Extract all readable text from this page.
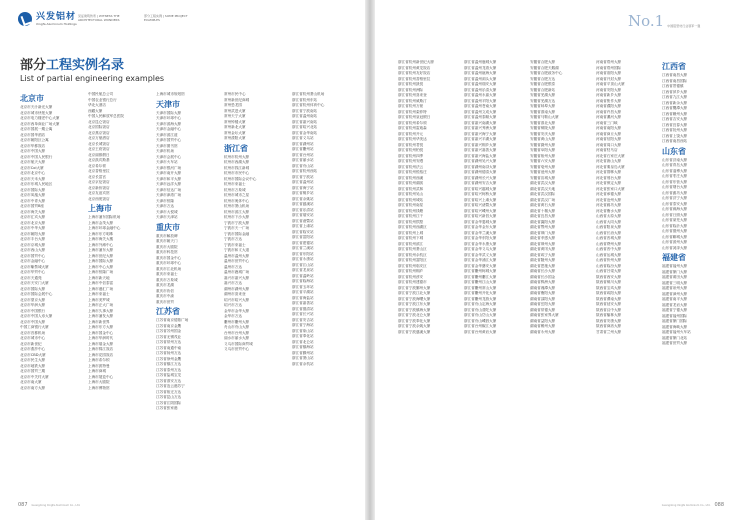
兴发铝材
Xingfa Aluminium Holdings
见证建筑传奇 | WITNESS THE ARCHITECTURAL WONDERS
部分工程实例 | SOME PROJECT EXAMPLES
部分工程实例名录
List of partial engineering examples
北京市
北京市天汁新光大厦
北京市城市快报大厦
北京市电力楼老中心大厦
北京市西单商业广场大厦
北京市国展一期公寓
北京市国华酒店
北京市朝阳区公寓
北京市华都饭店
北京市中国大厦
北京市中国人民银行
北京市航天大厦
北京市Col大厦
北京市北京中心
北京市天禾大厦
北京市东城人民地区
北京市国际大厦
北京市凤凰大厦
北京市中青大厦
北京市国贸B座
北京市海关大厦
北京市汇宾大厦
北京市北京大厦
北京市中华大厦
北京市朝阳大厦
北京市丰台大厦
北京市京城大厦
北京市西山大厦
北京市国贸中心
北京市金融中心
北京市紫禁城大厦
北京市华贸中心
北京市天通苑
北京市天安门大厦
北京市国际大厦
北京市国际会展中心
北京市望京大厦
北京市华润大厦
北京市中国银行
北京市中国人寿大厦
北京市中国大厦
中国工商银行大厦
北京市首都机场
北京市城市中心
北京市新世纪
北京市燕莎中心
北京市CBD大厦
北京市民生大厦
北京市地铁大厦
北京市国贸三期
北京市中关村大厦
北京市南大厦
北京市南方大厦
中国民航总公司
中国农业银行总行
华北大酒店
西藏大厦
中国人民解放军总医院
北京昆仑饭店
北京国际饭店
北京燕京饭店
北京万豪酒店
北京长城饭店
北京王府饭店
北京丽都假日
北京凯宾斯基
北京希尔顿
北京香格里拉
北京长富宫
北京京伦饭店
北京新侨饭店
北京友谊宾馆
北京西苑饭店
上海市
上海市浦东国际机场
上海市金茂大厦
上海市环球金融中心
上海市东方明珠
上海市海关大楼
上海市外滩中心
上海市浦东大厦
上海市世纪大厦
上海市国际大厦
上海市中心大厦
上海市恒隆广场
上海市新天地
上海市中信泰富
上海市港汇广场
上海市来福士
上海市美罗城
上海市正大广场
上海市久事大厦
上海市浦发大厦
上海市新世界
上海市东方大厦
上海市国金中心
上海市华润时代
上海市瑞金大厦
上海市锦江饭店
上海市花园饭店
上海市希尔顿
上海市波特曼
上海市商城
上海市展览中心
上海市大剧院
上海市博物馆
上海市城市规划馆
天津市
天津市国际大厦
天津市环球中心
天津市滨海大厦
天津市金融中心
天津市滨江道
天津市国贸中心
天津市图书馆
天津市机场
天津市会展中心
天津市火车站
天津市银河广场
天津市南开大厦
天津市和平大厦
天津市远洋大厦
天津市信达广场
天津市津湾广场
天津市恒隆
天津市万达
天津市大悦城
天津市天津站
重庆市
重庆市解放碑
重庆市朝天门
重庆市大剧院
重庆市科技馆
重庆市国金中心
重庆市环球中心
重庆市江北机场
重庆市来福士
重庆市万象城
重庆市龙湖
重庆市协信
重庆市中渝
重庆市世贸
江苏省
江苏省南京德基广场
江苏省南京金鹰
江苏省苏州国金
江苏省无锡茂业
江苏省常州万达
江苏省南通中南
江苏省扬州万达
江苏省徐州金鹰
江苏省镇江万达
江苏省泰州万达
江苏省盐城宝龙
江苏省淮安万达
江苏省连云港苏宁
江苏省宿迁万达
江苏省昆山万达
江苏省江阴国际
江苏省张家港
常州市民中心
常州新世纪商城
常州恐龙园
常州武进大厦
常州天宁大厦
常州钟楼大厦
常州新北大厦
常州金坛大厦
常州溧阳大厦
浙江省
杭州市杭州大厦
杭州市西湖大厦
杭州市钱江新城
杭州市市民中心
杭州市国际会议中心
杭州市来福士
杭州市万象城
杭州市城市之星
杭州市奥体中心
杭州市萧山机场
杭州市滨江大厦
杭州市下沙大厦
宁波市宁波大厦
宁波市天一广场
宁波市国际金融
宁波市万达
宁波市来福士
宁波市和义大道
温州市温州大厦
温州市世贸中心
温州市万达
温州市鹿城广场
嘉兴市嘉兴大厦
嘉兴市万达
湖州市湖州大厦
湖州市喜来登
绍兴市绍兴大厦
绍兴市万达
金华市金华大厦
金华市万达
衢州市衢州大厦
舟山市舟山大厦
台州市台州大厦
丽水市丽水大厦
义乌市国际商贸城
义乌市世贸中心
浙江省杭州萧山机场
浙江省杭州东站
浙江省杭州体育中心
浙江省宁波南站
浙江省温州南站
浙江省嘉兴南站
浙江省绍兴北站
浙江省金华南站
浙江省义乌站
浙江省湖州站
浙江省衢州站
浙江省台州站
浙江省丽水站
浙江省舟山站
浙江省杭州西站
浙江省宁波站
浙江省温州站
浙江省海宁站
浙江省桐乡站
浙江省余姚站
浙江省慈溪站
浙江省乐清站
浙江省瑞安站
浙江省诸暨站
浙江省上虞站
浙江省临安站
浙江省富阳站
浙江省建德站
浙江省兰溪站
浙江省东阳站
浙江省永康站
浙江省江山站
浙江省龙泉站
浙江省温岭站
浙江省临海站
浙江省玉环站
浙江省平湖站
浙江省海盐站
浙江省嘉善站
浙江省德清站
浙江省长兴站
浙江省安吉站
浙江省宁海站
浙江省象山站
浙江省奉化站
浙江省北仑站
浙江省镇海站
浙江省鄞州站
浙江省萧山站
浙江省余杭站
087 Guangdong Xingfa Aluminium Co., Ltd.
No.1 中国铝型材行业领军一强
浙江省杭州新世纪大厦
浙江省杭州黄龙饭店
浙江省杭州友好饭店
浙江省杭州香格里拉
浙江省杭州凯悦
浙江省杭州洲际
浙江省杭州喜来登
浙江省杭州威斯汀
浙江省杭州万豪
浙江省杭州索菲特
浙江省杭州皇冠假日
浙江省杭州希尔顿
浙江省杭州雷迪森
浙江省杭州开元
浙江省杭州华美达
浙江省杭州君悦
浙江省杭州柏悦
浙江省杭州四季
浙江省杭州安缦
浙江省杭州法云
浙江省杭州悦榕庄
浙江省杭州西溪
浙江省杭州湖滨
浙江省杭州武林
浙江省杭州吴山
浙江省杭州城站
浙江省杭州南星
浙江省杭州钱塘
浙江省杭州江干
浙江省杭州拱墅
浙江省杭州西湖区
浙江省杭州上城
浙江省杭州下城
浙江省杭州滨江
浙江省杭州萧山区
浙江省杭州余杭区
浙江省杭州富阳区
浙江省杭州临安区
浙江省杭州桐庐
浙江省杭州淳安
浙江省杭州建德市
浙江省宁波鄞州大厦
浙江省宁波江北大厦
浙江省宁波海曙大厦
浙江省宁波江东大厦
浙江省宁波镇海大厦
浙江省宁波北仑大厦
浙江省宁波奉化大厦
浙江省宁波余姚大厦
浙江省宁波慈溪大厦
浙江省温州鹿城大厦
浙江省温州龙湾大厦
浙江省温州瓯海大厦
浙江省温州洞头大厦
浙江省温州瑞安大厦
浙江省温州乐清大厦
浙江省温州永嘉大厦
浙江省温州平阳大厦
浙江省温州苍南大厦
浙江省温州文成大厦
浙江省温州泰顺大厦
浙江省嘉兴南湖大厦
浙江省嘉兴秀洲大厦
浙江省嘉兴海宁大厦
浙江省嘉兴平湖大厦
浙江省嘉兴桐乡大厦
浙江省嘉兴嘉善大厦
浙江省嘉兴海盐大厦
浙江省湖州吴兴大厦
浙江省湖州南浔大厦
浙江省湖州德清大厦
浙江省湖州长兴大厦
浙江省湖州安吉大厦
浙江省绍兴越城大厦
浙江省绍兴柯桥大厦
浙江省绍兴上虞大厦
浙江省绍兴诸暨大厦
浙江省绍兴嵊州大厦
浙江省绍兴新昌大厦
浙江省金华婺城大厦
浙江省金华金东大厦
浙江省金华兰溪大厦
浙江省金华东阳大厦
浙江省金华永康大厦
浙江省金华义乌大厦
浙江省金华武义大厦
浙江省金华浦江大厦
浙江省金华磐安大厦
浙江省衢州柯城大厦
浙江省衢州衢江大厦
浙江省衢州江山大厦
浙江省衢州常山大厦
浙江省衢州开化大厦
浙江省衢州龙游大厦
浙江省舟山定海大厦
浙江省舟山普陀大厦
浙江省舟山岱山大厦
浙江省舟山嵊泗大厦
浙江省台州椒江大厦
浙江省台州黄岩大厦
安徽省合肥大厦
安徽省合肥天鹅湖
安徽省合肥政务中心
安徽省合肥万达
安徽省合肥银泰
安徽省合肥新站
安徽省芜湖大厦
安徽省芜湖万达
安徽省蚌埠大厦
安徽省淮南大厦
安徽省马鞍山大厦
安徽省淮北大厦
安徽省铜陵大厦
安徽省安庆大厦
安徽省黄山大厦
安徽省滁州大厦
安徽省阜阳大厦
安徽省宿州大厦
安徽省六安大厦
安徽省亳州大厦
安徽省池州大厦
安徽省宣城大厦
湖北省武汉大厦
湖北省武汉天地
湖北省武汉国际
湖北省武汉广场
湖北省黄石大厦
湖北省十堰大厦
湖北省宜昌大厦
湖北省襄阳大厦
湖北省鄂州大厦
湖北省荆门大厦
湖北省孝感大厦
湖北省荆州大厦
湖北省黄冈大厦
湖北省咸宁大厦
湖北省随州大厦
湖北省恩施大厦
湖南省长沙大厦
湖南省长沙国金
湖南省株洲大厦
湖南省湘潭大厦
湖南省衡阳大厦
湖南省邵阳大厦
湖南省岳阳大厦
湖南省常德大厦
湖南省张家界大厦
湖南省益阳大厦
湖南省郴州大厦
湖南省永州大厦
河南省郑州大厦
河南省郑州国际
河南省洛阳大厦
河南省开封大厦
河南省平顶山大厦
河南省安阳大厦
河南省新乡大厦
河南省焦作大厦
河南省濮阳大厦
河南省许昌大厦
河南省漯河大厦
河南省三门峡
河南省南阳大厦
河南省商丘大厦
河南省信阳大厦
河南省周口大厦
河南省驻马店
河北省石家庄大厦
河北省唐山大厦
河北省秦皇岛大厦
河北省邯郸大厦
河北省邢台大厦
河北省保定大厦
河北省张家口大厦
河北省承德大厦
河北省沧州大厦
河北省廊坊大厦
河北省衡水大厦
山西省太原大厦
山西省大同大厦
山西省阳泉大厦
山西省长治大厦
山西省晋城大厦
山西省朔州大厦
山西省晋中大厦
山西省运城大厦
山西省忻州大厦
山西省临汾大厦
山西省吕梁大厦
陕西省西安大厦
陕西省铜川大厦
陕西省宝鸡大厦
陕西省咸阳大厦
陕西省渭南大厦
陕西省延安大厦
陕西省汉中大厦
陕西省榆林大厦
陕西省安康大厦
陕西省商洛大厦
甘肃省兰州大厦
江西省
江西省南昌大厦
江西省南昌国际
江西省景德镇
江西省萍乡大厦
江西省九江大厦
江西省新余大厦
江西省鹰潭大厦
江西省赣州大厦
江西省吉安大厦
江西省宜春大厦
江西省抚州大厦
江西省上饶大厦
江西省南昌西站
山东省
山东省济南大厦
山东省青岛大厦
山东省淄博大厦
山东省枣庄大厦
山东省东营大厦
山东省烟台大厦
山东省潍坊大厦
山东省济宁大厦
山东省泰安大厦
山东省威海大厦
山东省日照大厦
山东省莱芜大厦
山东省临沂大厦
山东省德州大厦
山东省聊城大厦
山东省滨州大厦
山东省菏泽大厦
福建省
福建省福州大厦
福建省厦门大厦
福建省莆田大厦
福建省三明大厦
福建省泉州大厦
福建省漳州大厦
福建省南平大厦
福建省龙岩大厦
福建省宁德大厦
福建省福州国际
福建省厦门国际
福建省海峡大厦
福建省福州火车站
福建省厦门北站
福建省世贸大厦
Guangdong Xingfa Aluminium Co., Ltd. 088
